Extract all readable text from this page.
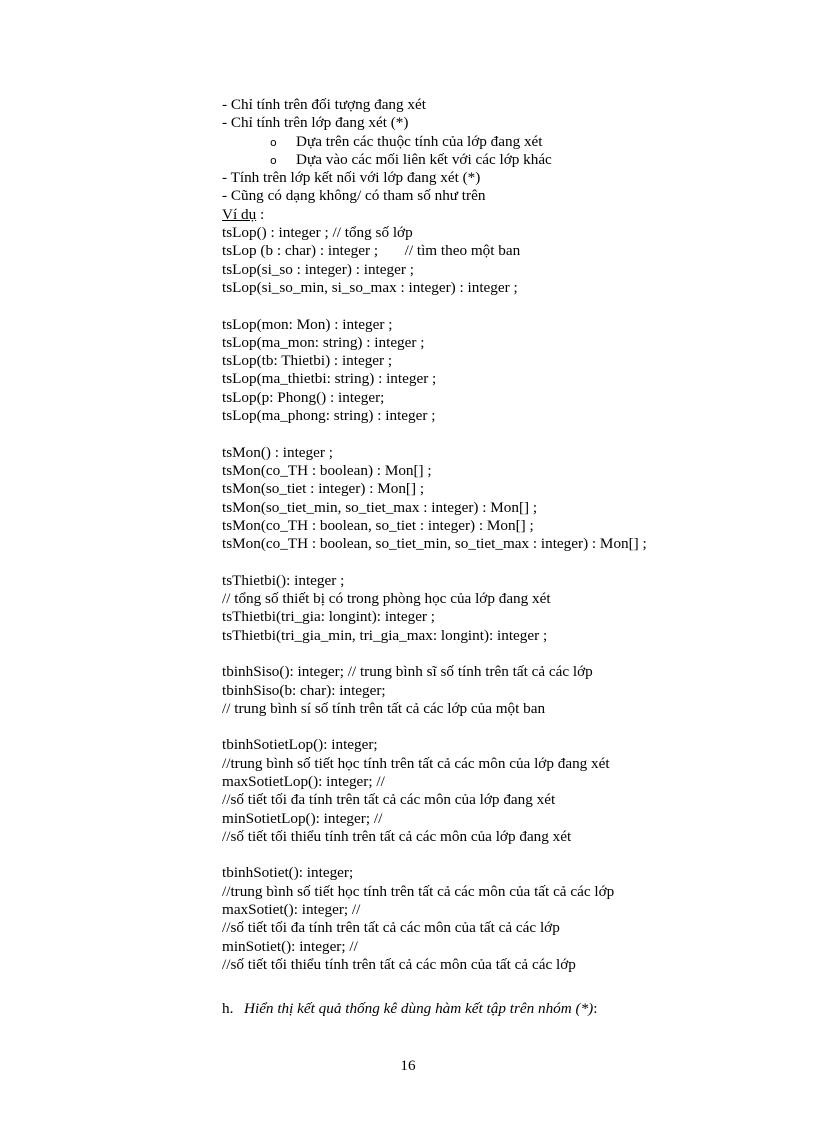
- Chỉ tính trên đối tượng đang xét
- Chỉ tính trên lớp đang xét (*)
o Dựa trên các thuộc tính của lớp đang xét
o Dựa vào các mối liên kết với các lớp khác
- Tính trên lớp kết nối với lớp đang xét (*)
- Cũng có dạng không/ có tham số như trên
Ví dụ :
tsLop() : integer ; // tổng số lớp
tsLop (b : char) : integer ;       // tìm theo một ban
tsLop(si_so : integer) : integer ;
tsLop(si_so_min, si_so_max : integer) : integer ;
tsLop(mon: Mon) : integer ;
tsLop(ma_mon: string) : integer ;
tsLop(tb: Thietbi) : integer ;
tsLop(ma_thietbi: string) : integer ;
tsLop(p: Phong() : integer;
tsLop(ma_phong: string) : integer ;
tsMon() : integer ;
tsMon(co_TH : boolean) : Mon[] ;
tsMon(so_tiet : integer) : Mon[] ;
tsMon(so_tiet_min, so_tiet_max : integer) : Mon[] ;
tsMon(co_TH : boolean, so_tiet : integer) : Mon[] ;
tsMon(co_TH : boolean, so_tiet_min, so_tiet_max : integer) : Mon[] ;
tsThietbi(): integer ;
// tổng số thiết bị có trong phòng học của lớp đang xét
tsThietbi(tri_gia: longint): integer ;
tsThietbi(tri_gia_min, tri_gia_max: longint): integer ;
tbinhSiso(): integer; // trung bình sĩ số tính trên tất cả các lớp
tbinhSiso(b: char): integer;
// trung bình sí số tính trên tất cả các lớp của một ban
tbinhSotietLop(): integer;
//trung bình số tiết học tính trên tất cả các môn của lớp đang xét
maxSotietLop(): integer; //
//số tiết tối đa tính trên tất cả các môn của lớp đang xét
minSotietLop(): integer; //
//số tiết tối thiểu tính trên tất cả các môn của lớp đang xét
tbinhSotiet(): integer;
//trung bình số tiết học tính trên tất cả các môn của tất cả các lớp
maxSotiet(): integer; //
//số tiết tối đa tính trên tất cả các môn của tất cả các lớp
minSotiet(): integer; //
//số tiết tối thiểu tính trên tất cả các môn của tất cả các lớp
h. Hiển thị kết quả thống kê dùng hàm kết tập trên nhóm (*):
16
